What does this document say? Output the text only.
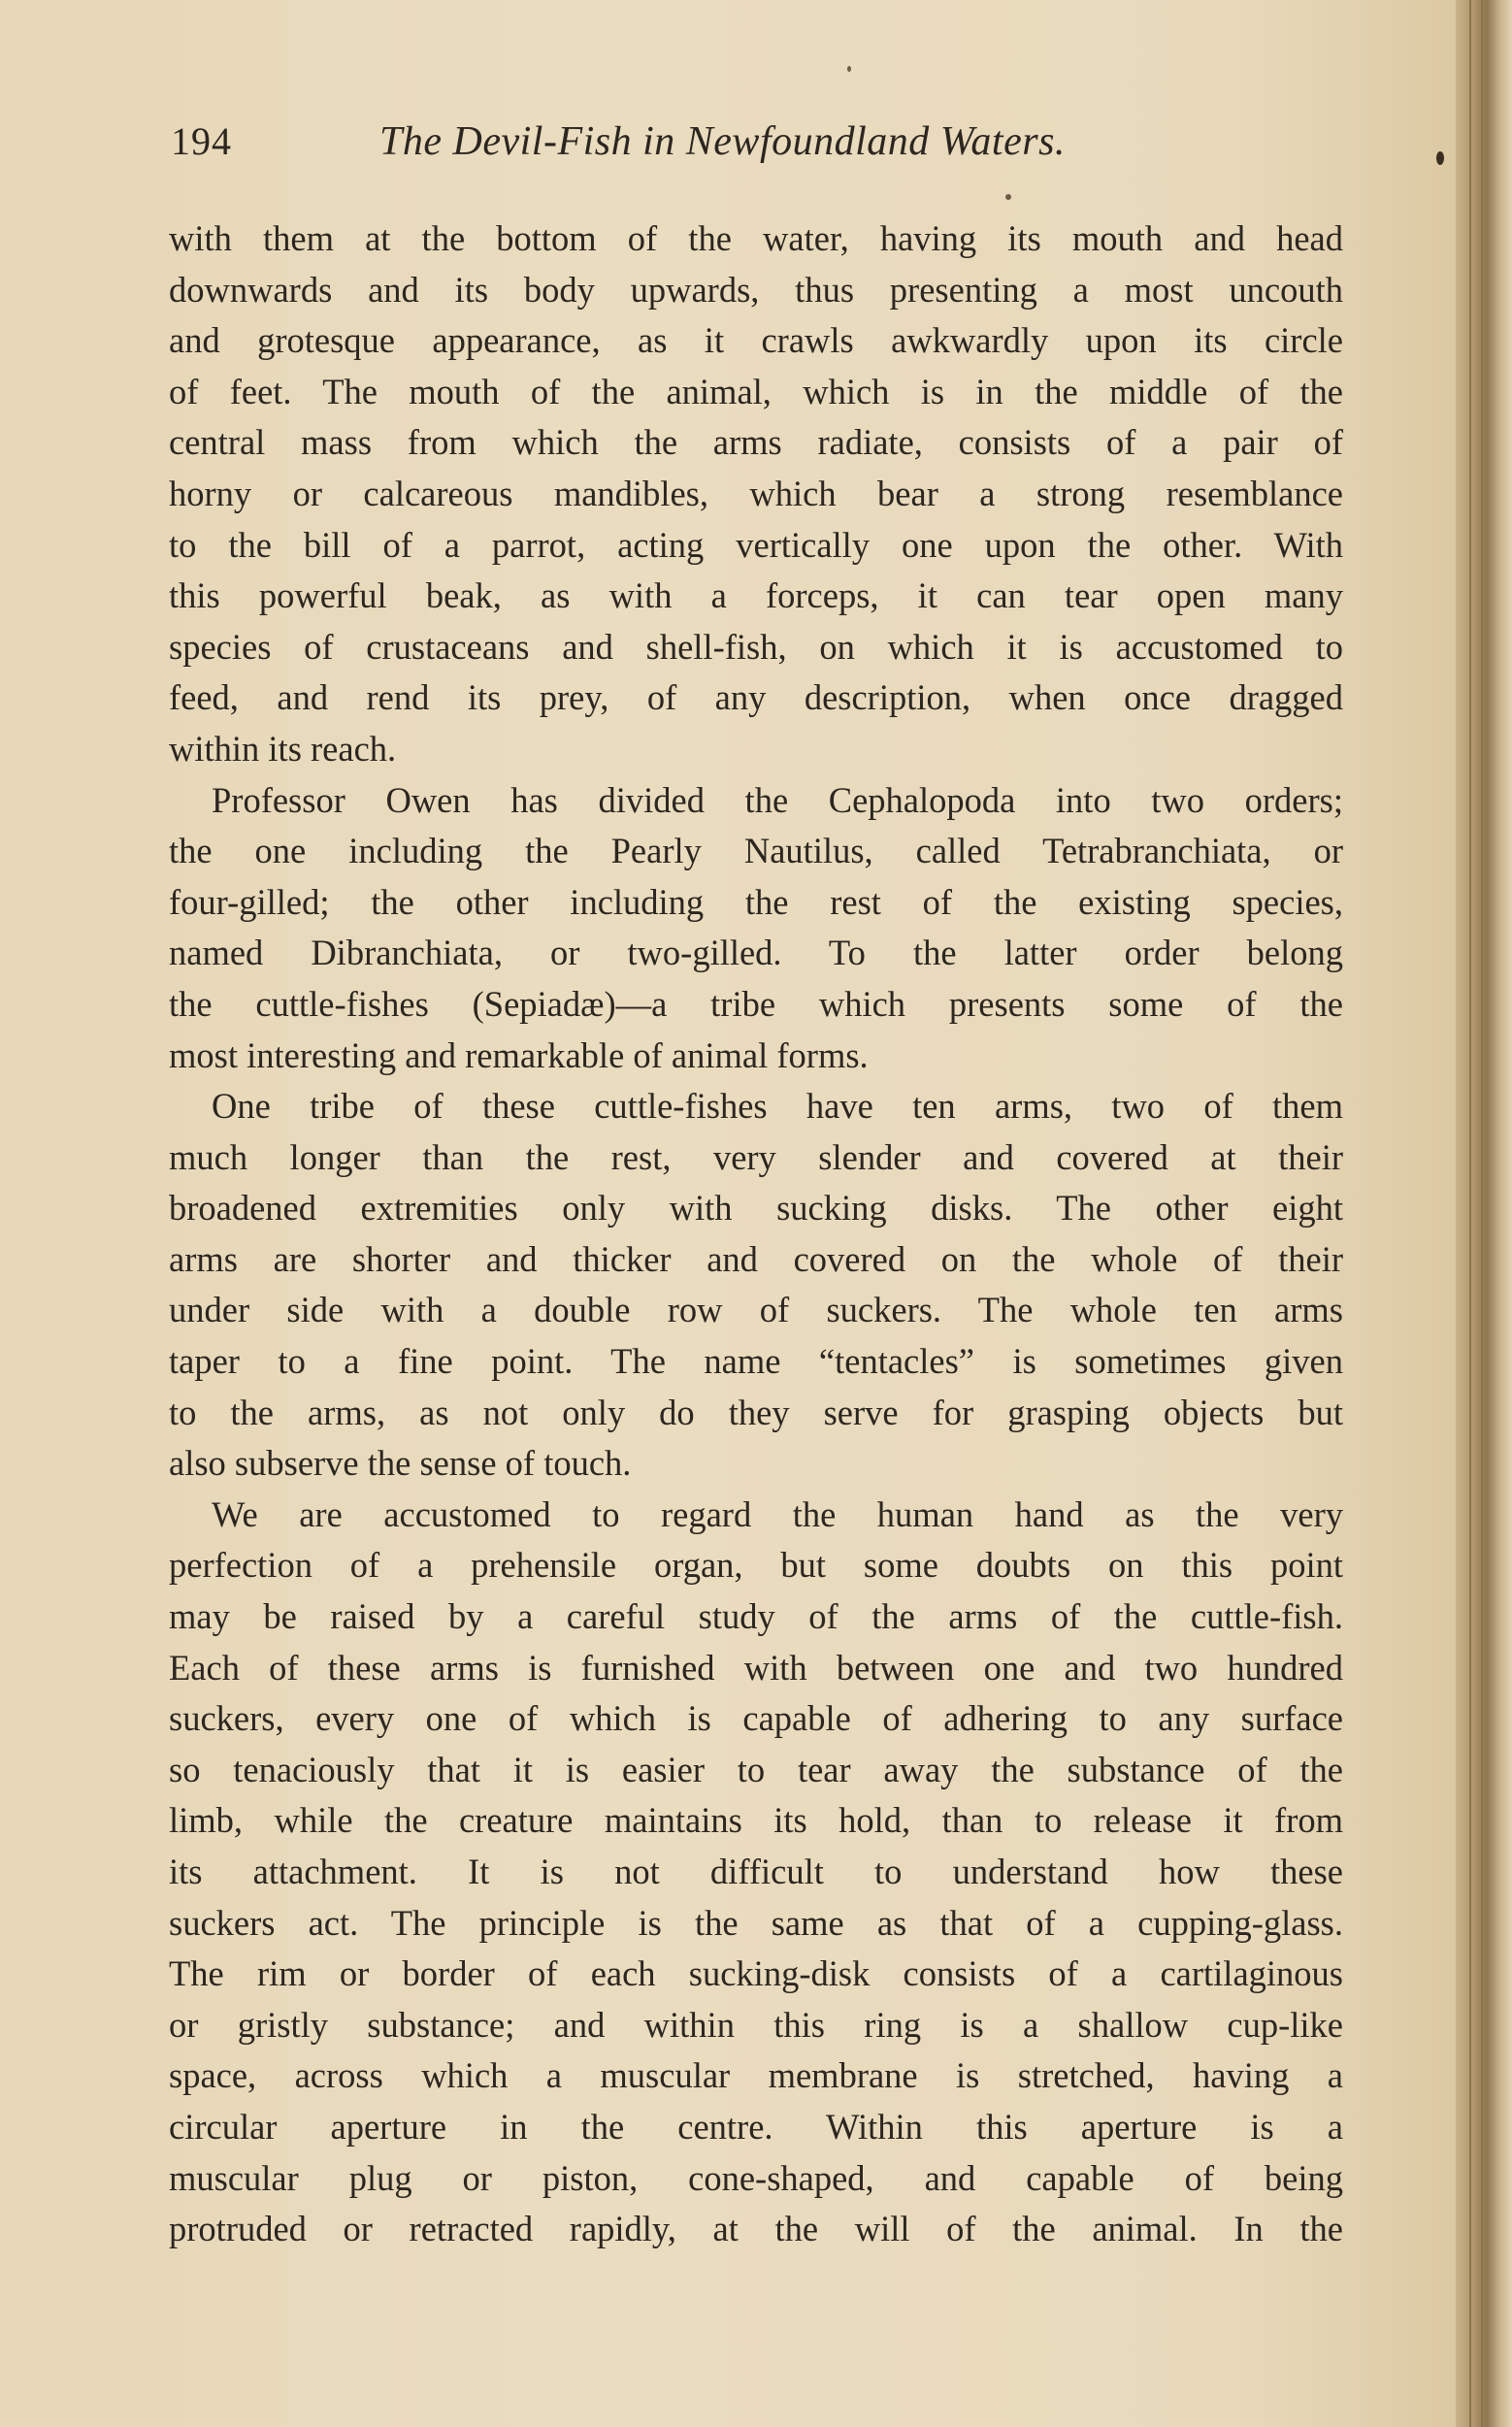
194	The Devil-Fish in Newfoundland Waters.
with them at the bottom of the water, having its mouth and head
downwards and its body upwards, thus presenting a most uncouth
and grotesque appearance, as it crawls awkwardly upon its circle
of feet. The mouth of the animal, which is in the middle of the
central mass from which the arms radiate, consists of a pair of
horny or calcareous mandibles, which bear a strong resemblance
to the bill of a parrot, acting vertically one upon the other. With
this powerful beak, as with a forceps, it can tear open many
species of crustaceans and shell-fish, on which it is accustomed to
feed, and rend its prey, of any description, when once dragged
within its reach.
Professor Owen has divided the Cephalopoda into two orders;
the one including the Pearly Nautilus, called Tetrabranchiata, or
four-gilled; the other including the rest of the existing species,
named Dibranchiata, or two-gilled. To the latter order belong
the cuttle-fishes (Sepiadæ)—a tribe which presents some of the
most interesting and remarkable of animal forms.
One tribe of these cuttle-fishes have ten arms, two of them
much longer than the rest, very slender and covered at their
broadened extremities only with sucking disks. The other eight
arms are shorter and thicker and covered on the whole of their
under side with a double row of suckers. The whole ten arms
taper to a fine point. The name “tentacles” is sometimes given
to the arms, as not only do they serve for grasping objects but
also subserve the sense of touch.
We are accustomed to regard the human hand as the very
perfection of a prehensile organ, but some doubts on this point
may be raised by a careful study of the arms of the cuttle-fish.
Each of these arms is furnished with between one and two hundred
suckers, every one of which is capable of adhering to any surface
so tenaciously that it is easier to tear away the substance of the
limb, while the creature maintains its hold, than to release it from
its attachment. It is not difficult to understand how these
suckers act. The principle is the same as that of a cupping-glass.
The rim or border of each sucking-disk consists of a cartilaginous
or gristly substance; and within this ring is a shallow cup-like
space, across which a muscular membrane is stretched, having a
circular aperture in the centre. Within this aperture is a
muscular plug or piston, cone-shaped, and capable of being
protruded or retracted rapidly, at the will of the animal. In the
